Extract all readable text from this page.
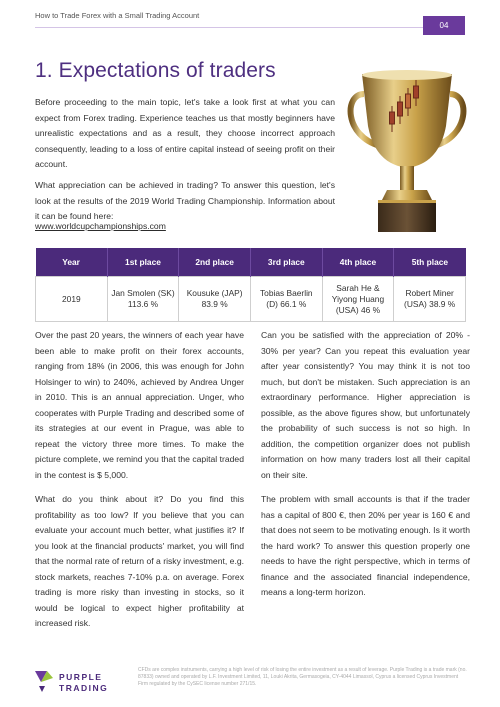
How to Trade Forex with a Small Trading Account
04
1. Expectations of traders

Before proceeding to the main topic, let's take a look first at what you can expect from Forex trading. Experience teaches us that mostly beginners have unrealistic expectations and as a result, they choose incorrect approach consequently, leading to a loss of entire capital instead of seeing profit on their account.

What appreciation can be achieved in trading? To answer this question, let's look at the results of the 2019 World Trading Championship. Information about it can be found here:

www.worldcupchampionships.com
Year	1st place	2nd place	3rd place	4th place	5th place
2019	Jan Smolen (SK) 113.6 %	Kousuke (JAP) 83.9 %	Tobias Baerlin (D) 66.1 %	Sarah He & Yiyong Huang (USA) 46 %	Robert Miner (USA) 38.9 %

Over the past 20 years, the winners of each year have been able to make profit on their forex accounts, ranging from 18% (in 2006, this was enough for John Holsinger to win) to 240%, achieved by Andrea Unger in 2010. This is an annual appreciation. Unger, who cooperates with Purple Trading and described some of its strategies at our event in Prague, was able to repeat the victory three more times. To make the picture complete, we remind you that the capital traded in the contest is $ 5,000.

What do you think about it? Do you find this profitability as too low? If you believe that you can evaluate your account much better, what justifies it? If you look at the financial products' market, you will find that the normal rate of return of a risky investment, e.g. stock markets, reaches 7-10% p.a. on average. Forex trading is more risky than investing in stocks, so it would be logical to expect higher profitability at increased risk.

Can you be satisfied with the appreciation of 20% - 30% per year? Can you repeat this evaluation year after year consistently? You may think it is not too much, but don't be mistaken. Such appreciation is an extraordinary performance. Higher appreciation is possible, as the above figures show, but unfortunately the probability of such success is not so high. In addition, the competition organizer does not publish information on how many traders lost all their capital on their site.

The problem with small accounts is that if the trader has a capital of 800 €, then 20% per year is 160 € and that does not seem to be motivating enough. Is it worth the hard work? To answer this question properly one needs to have the right perspective, which in terms of finance and the associated financial independence, means a long-term horizon.

PURPLE
TRADING
CFDs are complex instruments, carrying a high level of risk of losing the entire investment as a result of leverage. Purple Trading is a trade mark (no. 87833) owned and operated by L.F. Investment Limited, 11, Louki Akrita, Germasogeia, CY-4044 Limassol, Cyprus a licensed Cyprus Investment Firm regulated by the CySEC license number 271/15.
